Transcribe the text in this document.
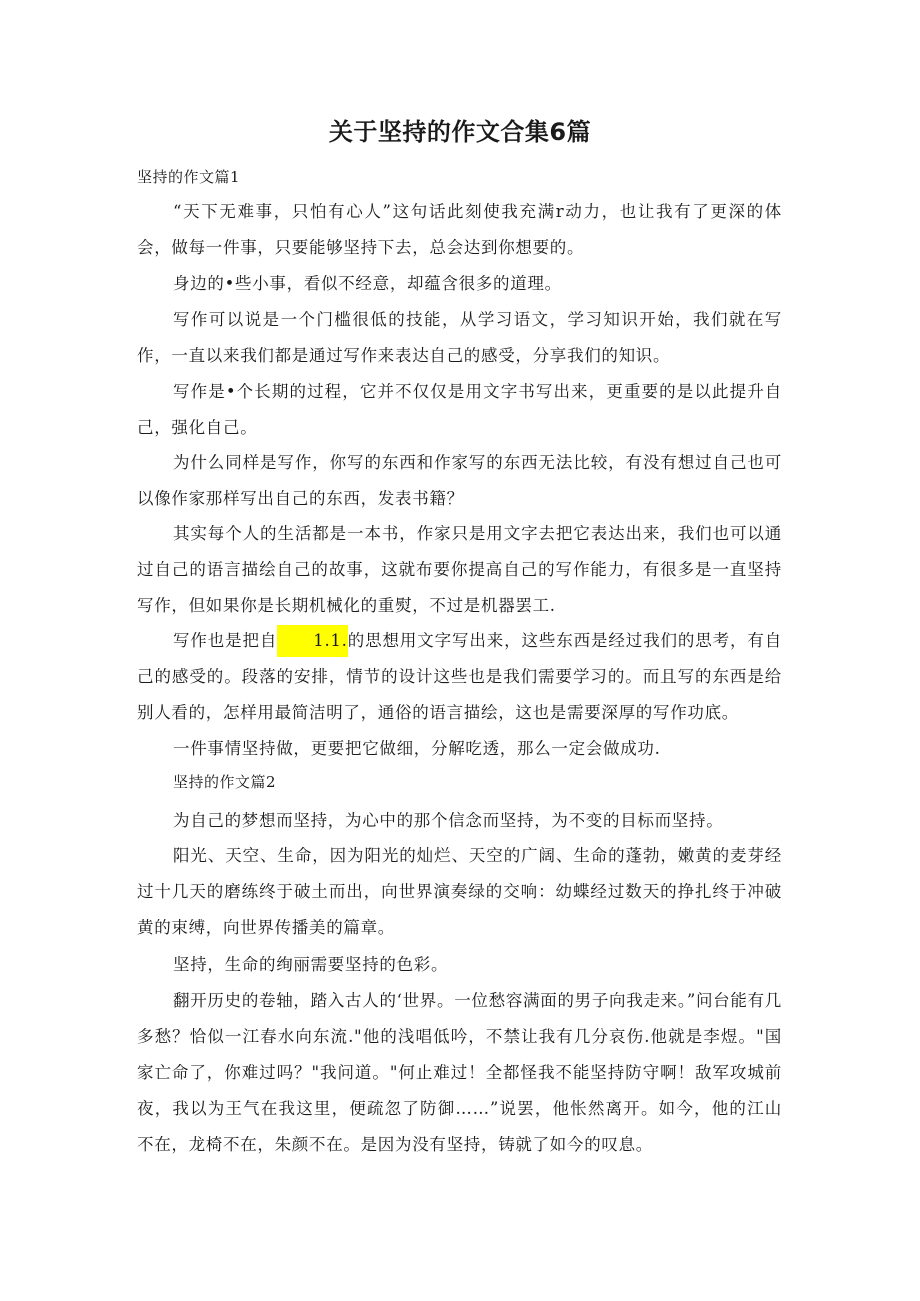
关于坚持的作文合集6篇
坚持的作文篇1

“天下无难事，只怕有心人”这句话此刻使我充满r动力，也让我有了更深的体会，做每一件事，只要能够坚持下去，总会达到你想要的。

身边的•些小事，看似不经意，却蕴含很多的道理。

写作可以说是一个门槛很低的技能，从学习语文，学习知识开始，我们就在写作，一直以来我们都是通过写作来表达自己的感受，分享我们的知识。

写作是•个长期的过程，它并不仅仅是用文字书写出来，更重要的是以此提升自己，强化自己。

为什么同样是写作，你写的东西和作家写的东西无法比较，有没有想过自己也可以像作家那样写出自己的东西，发表书籍？

其实每个人的生活都是一本书，作家只是用文字去把它表达出来，我们也可以通过自己的语言描绘自己的故事，这就布要你提高自己的写作能力，有很多是一直坚持写作，但如果你是长期机械化的重熨，不过是机器罢工.

写作也是把自 1.1.的思想用文字写出来，这些东西是经过我们的思考，有自己的感受的。段落的安排，情节的设计这些也是我们需要学习的。而且写的东西是给别人看的，怎样用最简洁明了，通俗的语言描绘，这也是需要深厚的写作功底。

一件事情坚持做，更要把它做细，分解吃透，那么一定会做成功.

坚持的作文篇2

为自己的梦想而坚持，为心中的那个信念而坚持，为不变的目标而坚持。

阳光、天空、生命，因为阳光的灿烂、天空的广阔、生命的蓬勃，嫩黄的麦芽经过十几天的磨练终于破土而出，向世界演奏绿的交响：幼蝶经过数天的挣扎终于冲破黄的束缚，向世界传播美的篇章。

坚持，生命的绚丽需要坚持的色彩。

翻开历史的卷轴，踏入古人的‘世界。一位愁容满面的男子向我走来。”问台能有几多愁？恰似一江春水向东流."他的浅唱低吟，不禁让我有几分哀伤.他就是李煜。"国家亡命了，你难过吗？"我问道。"何止难过！全都怪我不能坚持防守啊！敌军攻城前夜，我以为王气在我这里，便疏忽了防御……”说罢，他怅然离开。如今，他的江山不在，龙椅不在，朱颜不在。是因为没有坚持，铸就了如今的叹息。
